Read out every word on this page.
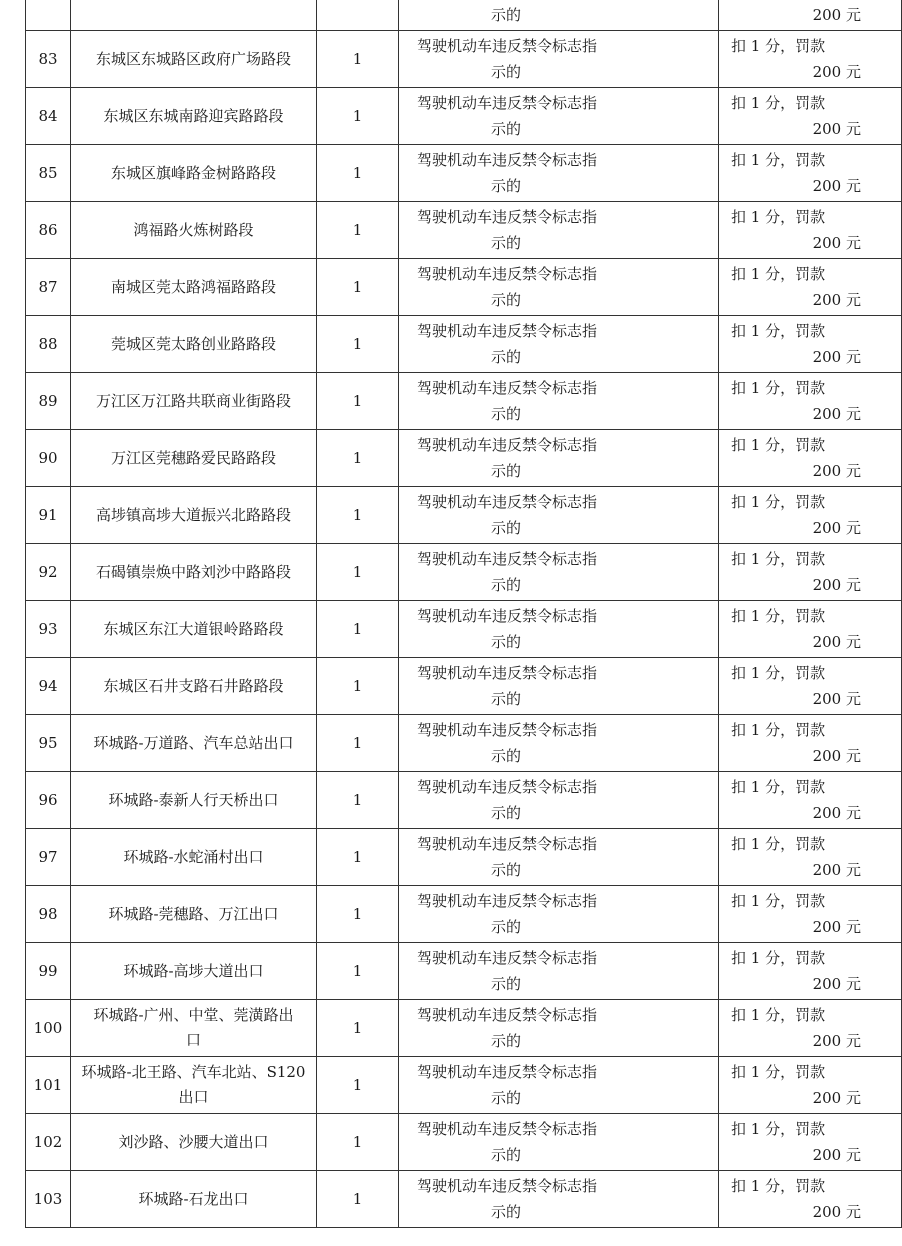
			示的	200 元
83	东城区东城路区政府广场路段	1	驾驶机动车违反禁令标志指
示的	扣 1 分，罚款
200 元

84	东城区东城南路迎宾路路段	1	驾驶机动车违反禁令标志指
示的	扣 1 分，罚款
200 元

85	东城区旗峰路金树路路段	1	驾驶机动车违反禁令标志指
示的	扣 1 分，罚款
200 元

86	鸿福路火炼树路段	1	驾驶机动车违反禁令标志指
示的	扣 1 分，罚款
200 元

87	南城区莞太路鸿福路路段	1	驾驶机动车违反禁令标志指
示的	扣 1 分，罚款
200 元

88	莞城区莞太路创业路路段	1	驾驶机动车违反禁令标志指
示的	扣 1 分，罚款
200 元

89	万江区万江路共联商业街路段	1	驾驶机动车违反禁令标志指
示的	扣 1 分，罚款
200 元

90	万江区莞穗路爱民路路段	1	驾驶机动车违反禁令标志指
示的	扣 1 分，罚款
200 元

91	高埗镇高埗大道振兴北路路段	1	驾驶机动车违反禁令标志指
示的	扣 1 分，罚款
200 元

92	石碣镇崇焕中路刘沙中路路段	1	驾驶机动车违反禁令标志指
示的	扣 1 分，罚款
200 元

93	东城区东江大道银岭路路段	1	驾驶机动车违反禁令标志指
示的	扣 1 分，罚款
200 元

94	东城区石井支路石井路路段	1	驾驶机动车违反禁令标志指
示的	扣 1 分，罚款
200 元

95	环城路-万道路、汽车总站出口	1	驾驶机动车违反禁令标志指
示的	扣 1 分，罚款
200 元

96	环城路-泰新人行天桥出口	1	驾驶机动车违反禁令标志指
示的	扣 1 分，罚款
200 元

97	环城路-水蛇涌村出口	1	驾驶机动车违反禁令标志指
示的	扣 1 分，罚款
200 元

98	环城路-莞穗路、万江出口	1	驾驶机动车违反禁令标志指
示的	扣 1 分，罚款
200 元

99	环城路-高埗大道出口	1	驾驶机动车违反禁令标志指
示的	扣 1 分，罚款
200 元

100	环城路-广州、中堂、莞潢路出
口	1	驾驶机动车违反禁令标志指
示的	扣 1 分，罚款
200 元

101	环城路-北王路、汽车北站、S120
出口	1	驾驶机动车违反禁令标志指
示的	扣 1 分，罚款
200 元

102	刘沙路、沙腰大道出口	1	驾驶机动车违反禁令标志指
示的	扣 1 分，罚款
200 元

103	环城路-石龙出口	1	驾驶机动车违反禁令标志指
示的	扣 1 分，罚款
200 元
